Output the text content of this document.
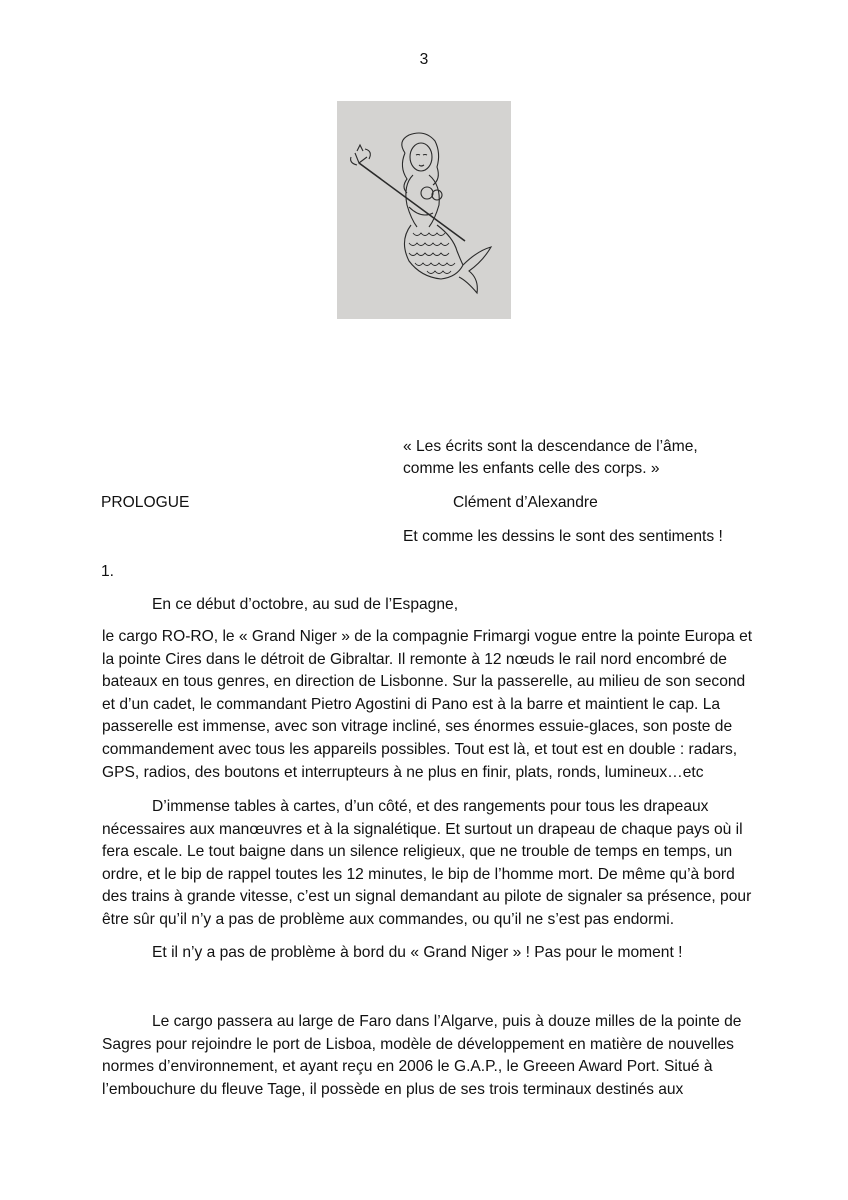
3
« Les écrits sont la descendance de l’âme,
comme les enfants celle des corps. »
PROLOGUE	Clément d’Alexandre
Et comme les dessins le sont des sentiments !
1.
En ce début d’octobre, au sud de l’Espagne,

le cargo RO-RO, le « Grand Niger » de la compagnie Frimargi vogue entre la pointe Europa et

la pointe Cires dans le détroit de Gibraltar. Il remonte à 12 nœuds le rail nord encombré de

bateaux en tous genres, en direction de Lisbonne. Sur la passerelle, au milieu de son second

et d’un cadet, le commandant Pietro Agostini di Pano est à la barre et maintient le cap. La

passerelle est immense, avec son vitrage incliné, ses énormes essuie-glaces, son poste de

commandement avec tous les appareils possibles. Tout est là, et tout est en double : radars,

GPS, radios, des boutons et interrupteurs à ne plus en finir, plats, ronds, lumineux…etc

D’immense tables à cartes, d’un côté, et des rangements pour tous les drapeaux

nécessaires aux manœuvres et à la signalétique. Et surtout un drapeau de chaque pays où il

fera escale. Le tout baigne dans un silence religieux, que ne trouble de temps en temps, un

ordre, et le bip de rappel toutes les 12 minutes, le bip de l’homme mort. De même qu’à bord

des trains à grande vitesse, c’est un signal demandant au pilote de signaler sa présence, pour

être sûr qu’il n’y a pas de problème aux commandes, ou qu’il ne s’est pas endormi.

Et il n’y a pas de problème à bord du « Grand Niger » ! Pas pour le moment !

Le cargo passera au large de Faro dans l’Algarve, puis à douze milles de la pointe de

Sagres pour rejoindre le port de Lisboa, modèle de développement en matière de nouvelles

normes d’environnement, et ayant reçu en 2006 le G.A.P., le Greeen Award Port. Situé à

l’embouchure du fleuve Tage, il possède en plus de ses trois terminaux destinés aux
